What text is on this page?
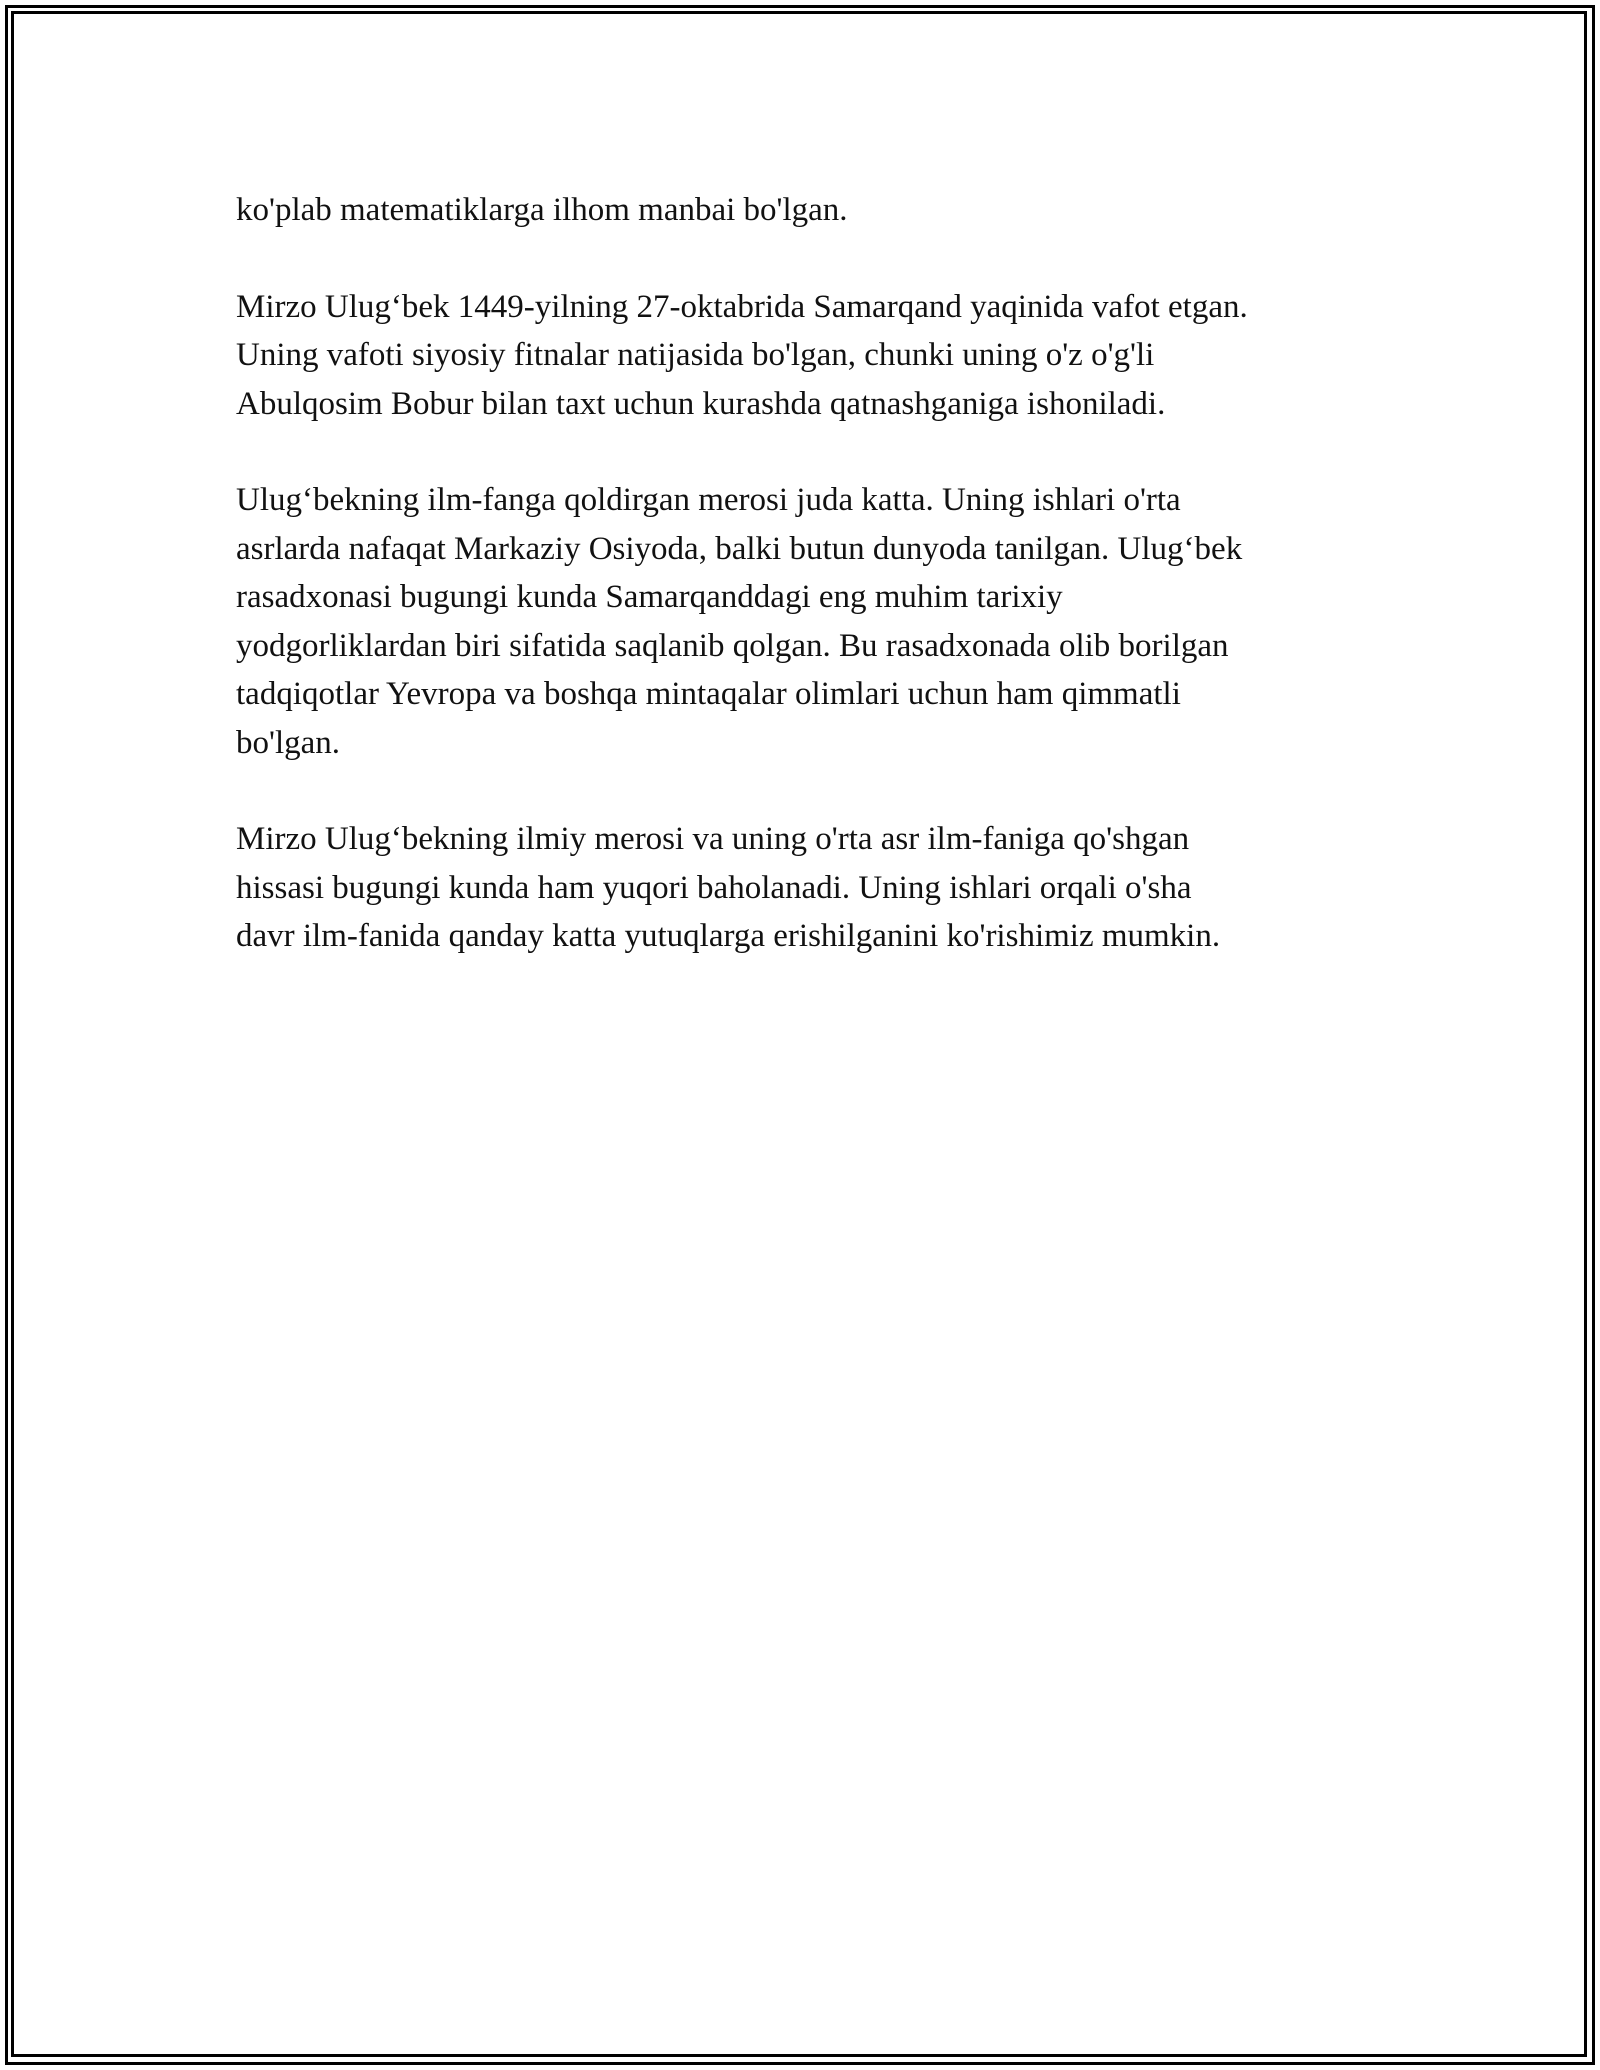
ko'plab matematiklarga ilhom manbai bo'lgan.
Mirzo Ulug‘bek 1449-yilning 27-oktabrida Samarqand yaqinida vafot etgan.
Uning vafoti siyosiy fitnalar natijasida bo'lgan, chunki uning o'z o'g'li
Abulqosim Bobur bilan taxt uchun kurashda qatnashganiga ishoniladi.
Ulug‘bekning ilm-fanga qoldirgan merosi juda katta. Uning ishlari o'rta
asrlarda nafaqat Markaziy Osiyoda, balki butun dunyoda tanilgan. Ulug‘bek
rasadxonasi bugungi kunda Samarqanddagi eng muhim tarixiy
yodgorliklardan biri sifatida saqlanib qolgan. Bu rasadxonada olib borilgan
tadqiqotlar Yevropa va boshqa mintaqalar olimlari uchun ham qimmatli
bo'lgan.
Mirzo Ulug‘bekning ilmiy merosi va uning o'rta asr ilm-faniga qo'shgan
hissasi bugungi kunda ham yuqori baholanadi. Uning ishlari orqali o'sha
davr ilm-fanida qanday katta yutuqlarga erishilganini ko'rishimiz mumkin.
